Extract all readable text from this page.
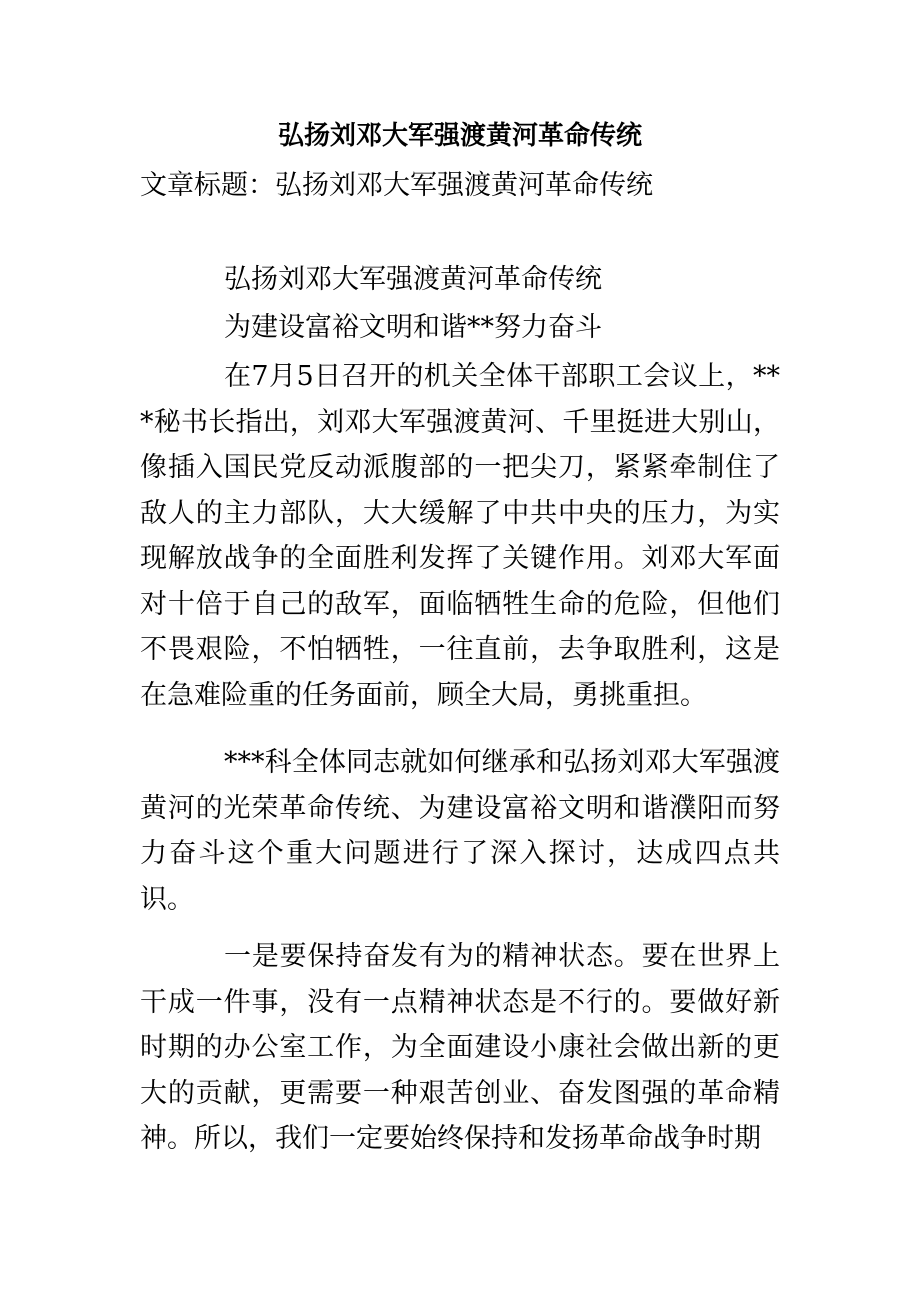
弘扬刘邓大军强渡黄河革命传统
文章标题：弘扬刘邓大军强渡黄河革命传统
弘扬刘邓大军强渡黄河革命传统
为建设富裕文明和谐**努力奋斗
在7月5日召开的机关全体干部职工会议上，***秘书长指出，刘邓大军强渡黄河、千里挺进大别山，像插入国民党反动派腹部的一把尖刀，紧紧牵制住了敌人的主力部队，大大缓解了中共中央的压力，为实现解放战争的全面胜利发挥了关键作用。刘邓大军面对十倍于自己的敌军，面临牺牲生命的危险，但他们不畏艰险，不怕牺牲，一往直前，去争取胜利，这是在急难险重的任务面前，顾全大局，勇挑重担。
***科全体同志就如何继承和弘扬刘邓大军强渡黄河的光荣革命传统、为建设富裕文明和谐濮阳而努力奋斗这个重大问题进行了深入探讨，达成四点共识。
一是要保持奋发有为的精神状态。要在世界上干成一件事，没有一点精神状态是不行的。要做好新时期的办公室工作，为全面建设小康社会做出新的更大的贡献，更需要一种艰苦创业、奋发图强的革命精神。所以，我们一定要始终保持和发扬革命战争时期
